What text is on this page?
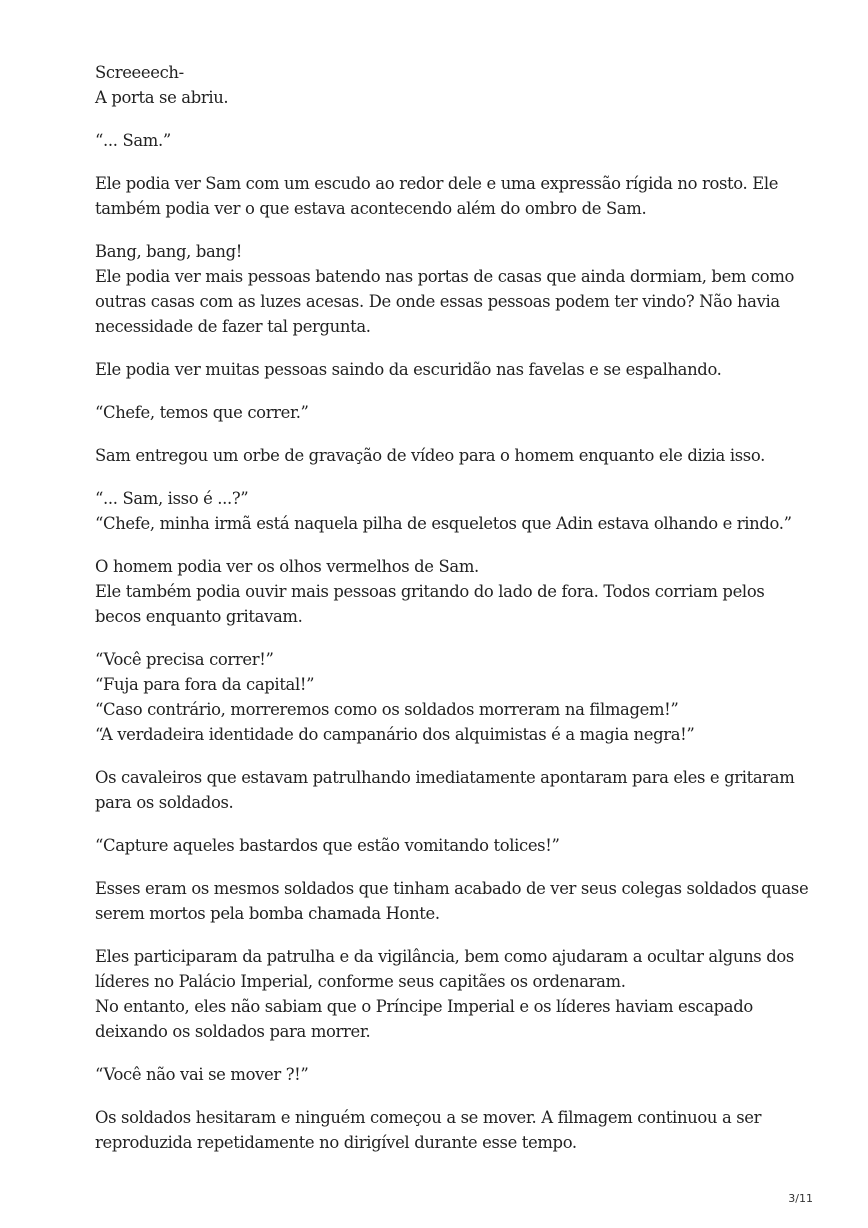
Screeeech-
A porta se abriu.

“... Sam.”

Ele podia ver Sam com um escudo ao redor dele e uma expressão rígida no rosto. Ele
também podia ver o que estava acontecendo além do ombro de Sam.

Bang, bang, bang!
Ele podia ver mais pessoas batendo nas portas de casas que ainda dormiam, bem como
outras casas com as luzes acesas. De onde essas pessoas podem ter vindo? Não havia
necessidade de fazer tal pergunta.

Ele podia ver muitas pessoas saindo da escuridão nas favelas e se espalhando.

“Chefe, temos que correr.”

Sam entregou um orbe de gravação de vídeo para o homem enquanto ele dizia isso.

“... Sam, isso é ...?”
“Chefe, minha irmã está naquela pilha de esqueletos que Adin estava olhando e rindo.”

O homem podia ver os olhos vermelhos de Sam.
Ele também podia ouvir mais pessoas gritando do lado de fora. Todos corriam pelos
becos enquanto gritavam.

“Você precisa correr!”
“Fuja para fora da capital!”
“Caso contrário, morreremos como os soldados morreram na filmagem!”
“A verdadeira identidade do campanário dos alquimistas é a magia negra!”

Os cavaleiros que estavam patrulhando imediatamente apontaram para eles e gritaram
para os soldados.

“Capture aqueles bastardos que estão vomitando tolices!”

Esses eram os mesmos soldados que tinham acabado de ver seus colegas soldados quase
serem mortos pela bomba chamada Honte.

Eles participaram da patrulha e da vigilância, bem como ajudaram a ocultar alguns dos
líderes no Palácio Imperial, conforme seus capitães os ordenaram.
No entanto, eles não sabiam que o Príncipe Imperial e os líderes haviam escapado
deixando os soldados para morrer.

“Você não vai se mover ?!”

Os soldados hesitaram e ninguém começou a se mover. A filmagem continuou a ser
reproduzida repetidamente no dirigível durante esse tempo.

3/11
